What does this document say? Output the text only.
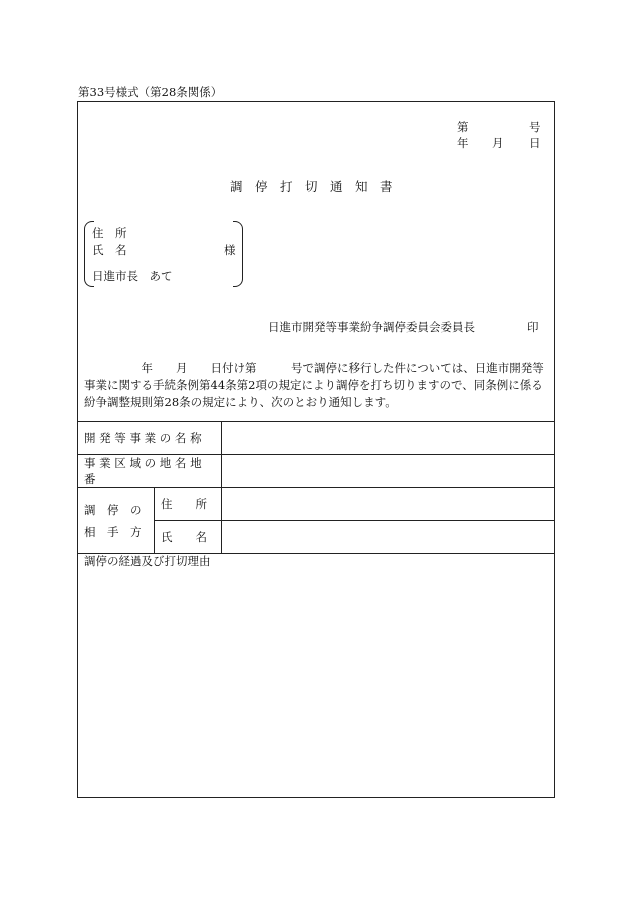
第33号様式（第28条関係）
第	号
年 月 日
調　停　打　切　通　知　書
住　所
氏　名	様
日進市長　あて
日進市開発等事業紛争調停委員会委員長	印
　　　　　年　　月　　日付け第　　　号で調停に移行した件については、日進市開発等
事業に関する手続条例第44条第2項の規定により調停を打ち切りますので、同条例に係る
紛争調整規則第28条の規定により、次のとおり通知します。
開 発 等 事 業 の 名 称		
事 業 区 域 の 地 名 地 番		

調　停　の
相　手　方	住　　所	
	氏　　名	
調停の経過及び打切理由
